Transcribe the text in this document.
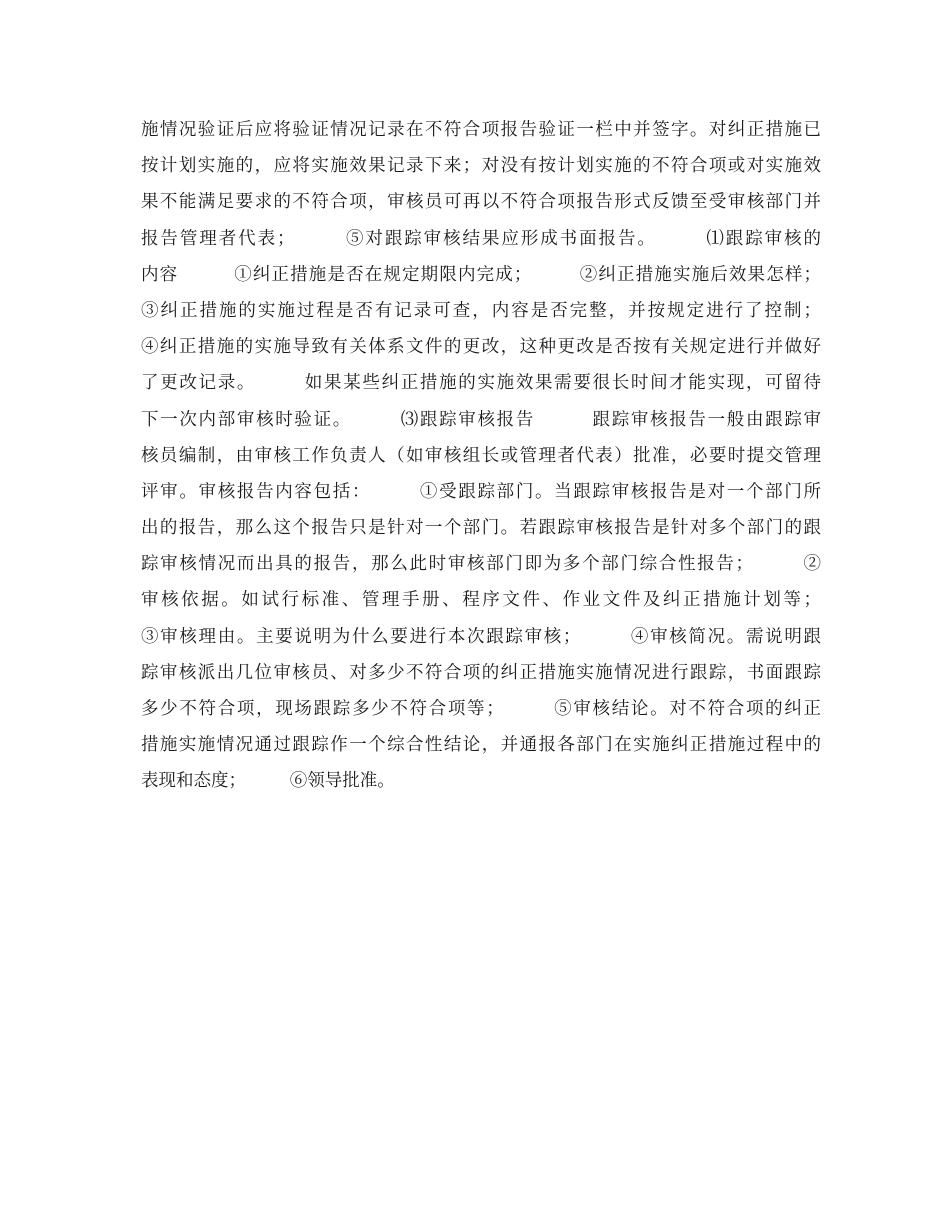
施情况验证后应将验证情况记录在不符合项报告验证一栏中并签字。对纠正措施已
按计划实施的，应将实施效果记录下来；对没有按计划实施的不符合项或对实施效
果不能满足要求的不符合项，审核员可再以不符合项报告形式反馈至受审核部门并
报告管理者代表；　　　⑤对跟踪审核结果应形成书面报告。　　　⑴跟踪审核的
内容　　　①纠正措施是否在规定期限内完成；　　　②纠正措施实施后效果怎样；
③纠正措施的实施过程是否有记录可查，内容是否完整，并按规定进行了控制；
④纠正措施的实施导致有关体系文件的更改，这种更改是否按有关规定进行并做好
了更改记录。　　　如果某些纠正措施的实施效果需要很长时间才能实现，可留待
下一次内部审核时验证。　　　⑶跟踪审核报告　　　跟踪审核报告一般由跟踪审
核员编制，由审核工作负责人（如审核组长或管理者代表）批准，必要时提交管理
评审。审核报告内容包括：　　　①受跟踪部门。当跟踪审核报告是对一个部门所
出的报告，那么这个报告只是针对一个部门。若跟踪审核报告是针对多个部门的跟
踪审核情况而出具的报告，那么此时审核部门即为多个部门综合性报告；　　　②
审核依据。如试行标准、管理手册、程序文件、作业文件及纠正措施计划等；
③审核理由。主要说明为什么要进行本次跟踪审核；　　　④审核简况。需说明跟
踪审核派出几位审核员、对多少不符合项的纠正措施实施情况进行跟踪，书面跟踪
多少不符合项，现场跟踪多少不符合项等；　　　⑤审核结论。对不符合项的纠正
措施实施情况通过跟踪作一个综合性结论，并通报各部门在实施纠正措施过程中的
表现和态度；　　　⑥领导批准。
